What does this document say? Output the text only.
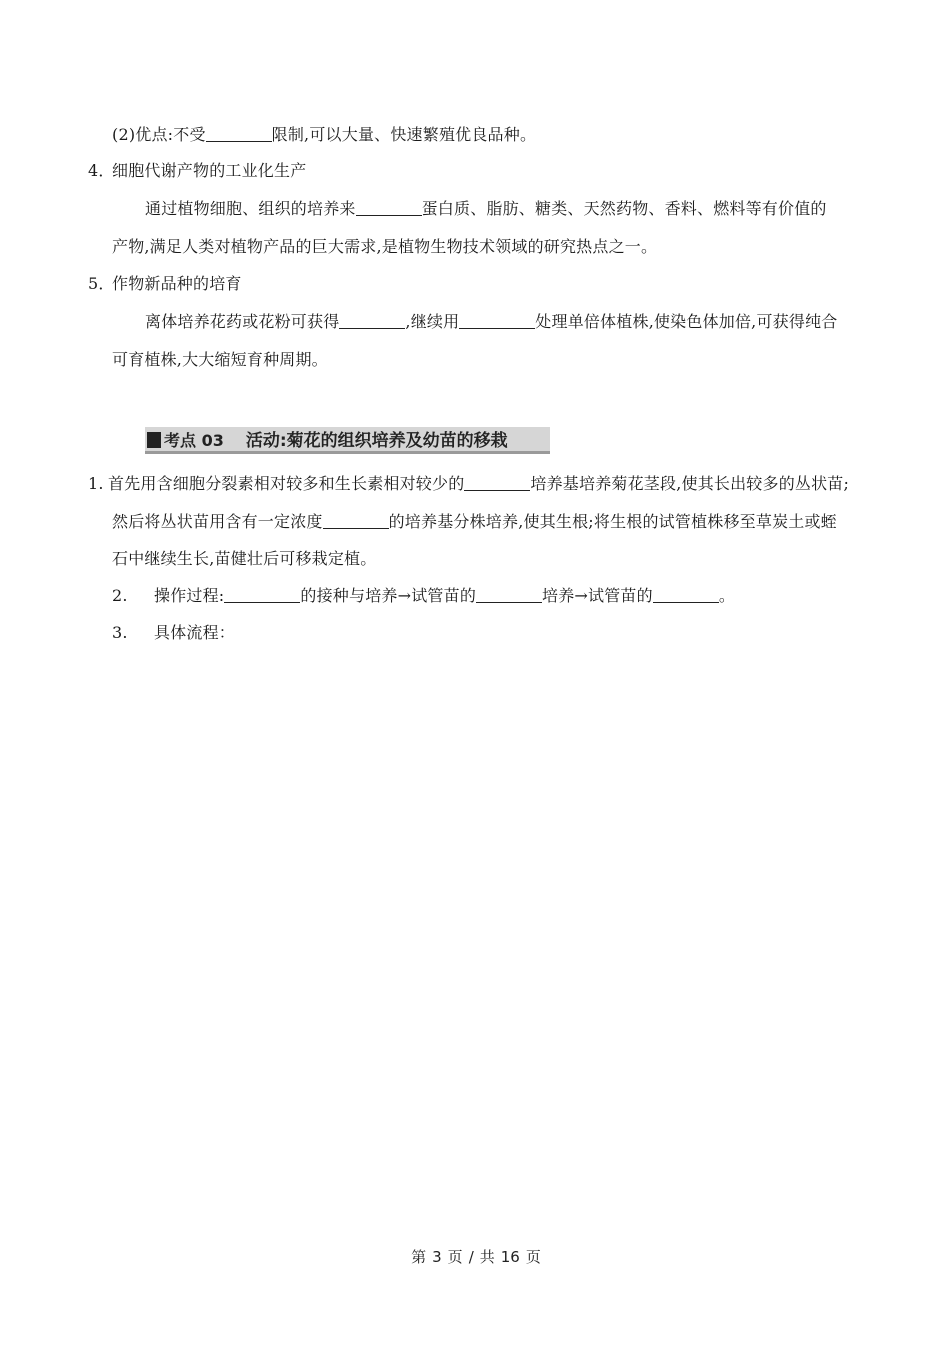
(2)优点:不受	限制,可以大量、快速繁殖优良品种。
4．细胞代谢产物的工业化生产
通过植物细胞、组织的培养来	蛋白质、脂肪、糖类、天然药物、香料、燃料等有价值的
产物,满足人类对植物产品的巨大需求,是植物生物技术领域的研究热点之一。
5．作物新品种的培育
离体培养花药或花粉可获得	,继续用	处理单倍体植株,使染色体加倍,可获得纯合
可育植株,大大缩短育种周期。
考点 03 活动:菊花的组织培养及幼苗的移栽
1. 首先用含细胞分裂素相对较多和生长素相对较少的	培养基培养菊花茎段,使其长出较多的丛状苗;
然后将丛状苗用含有一定浓度	的培养基分株培养,使其生根;将生根的试管植株移至草炭土或蛭
石中继续生长,苗健壮后可移栽定植。
2. 操作过程:	的接种与培养→试管苗的	培养→试管苗的	。
3. 具体流程：
第 3 页 / 共 16 页
